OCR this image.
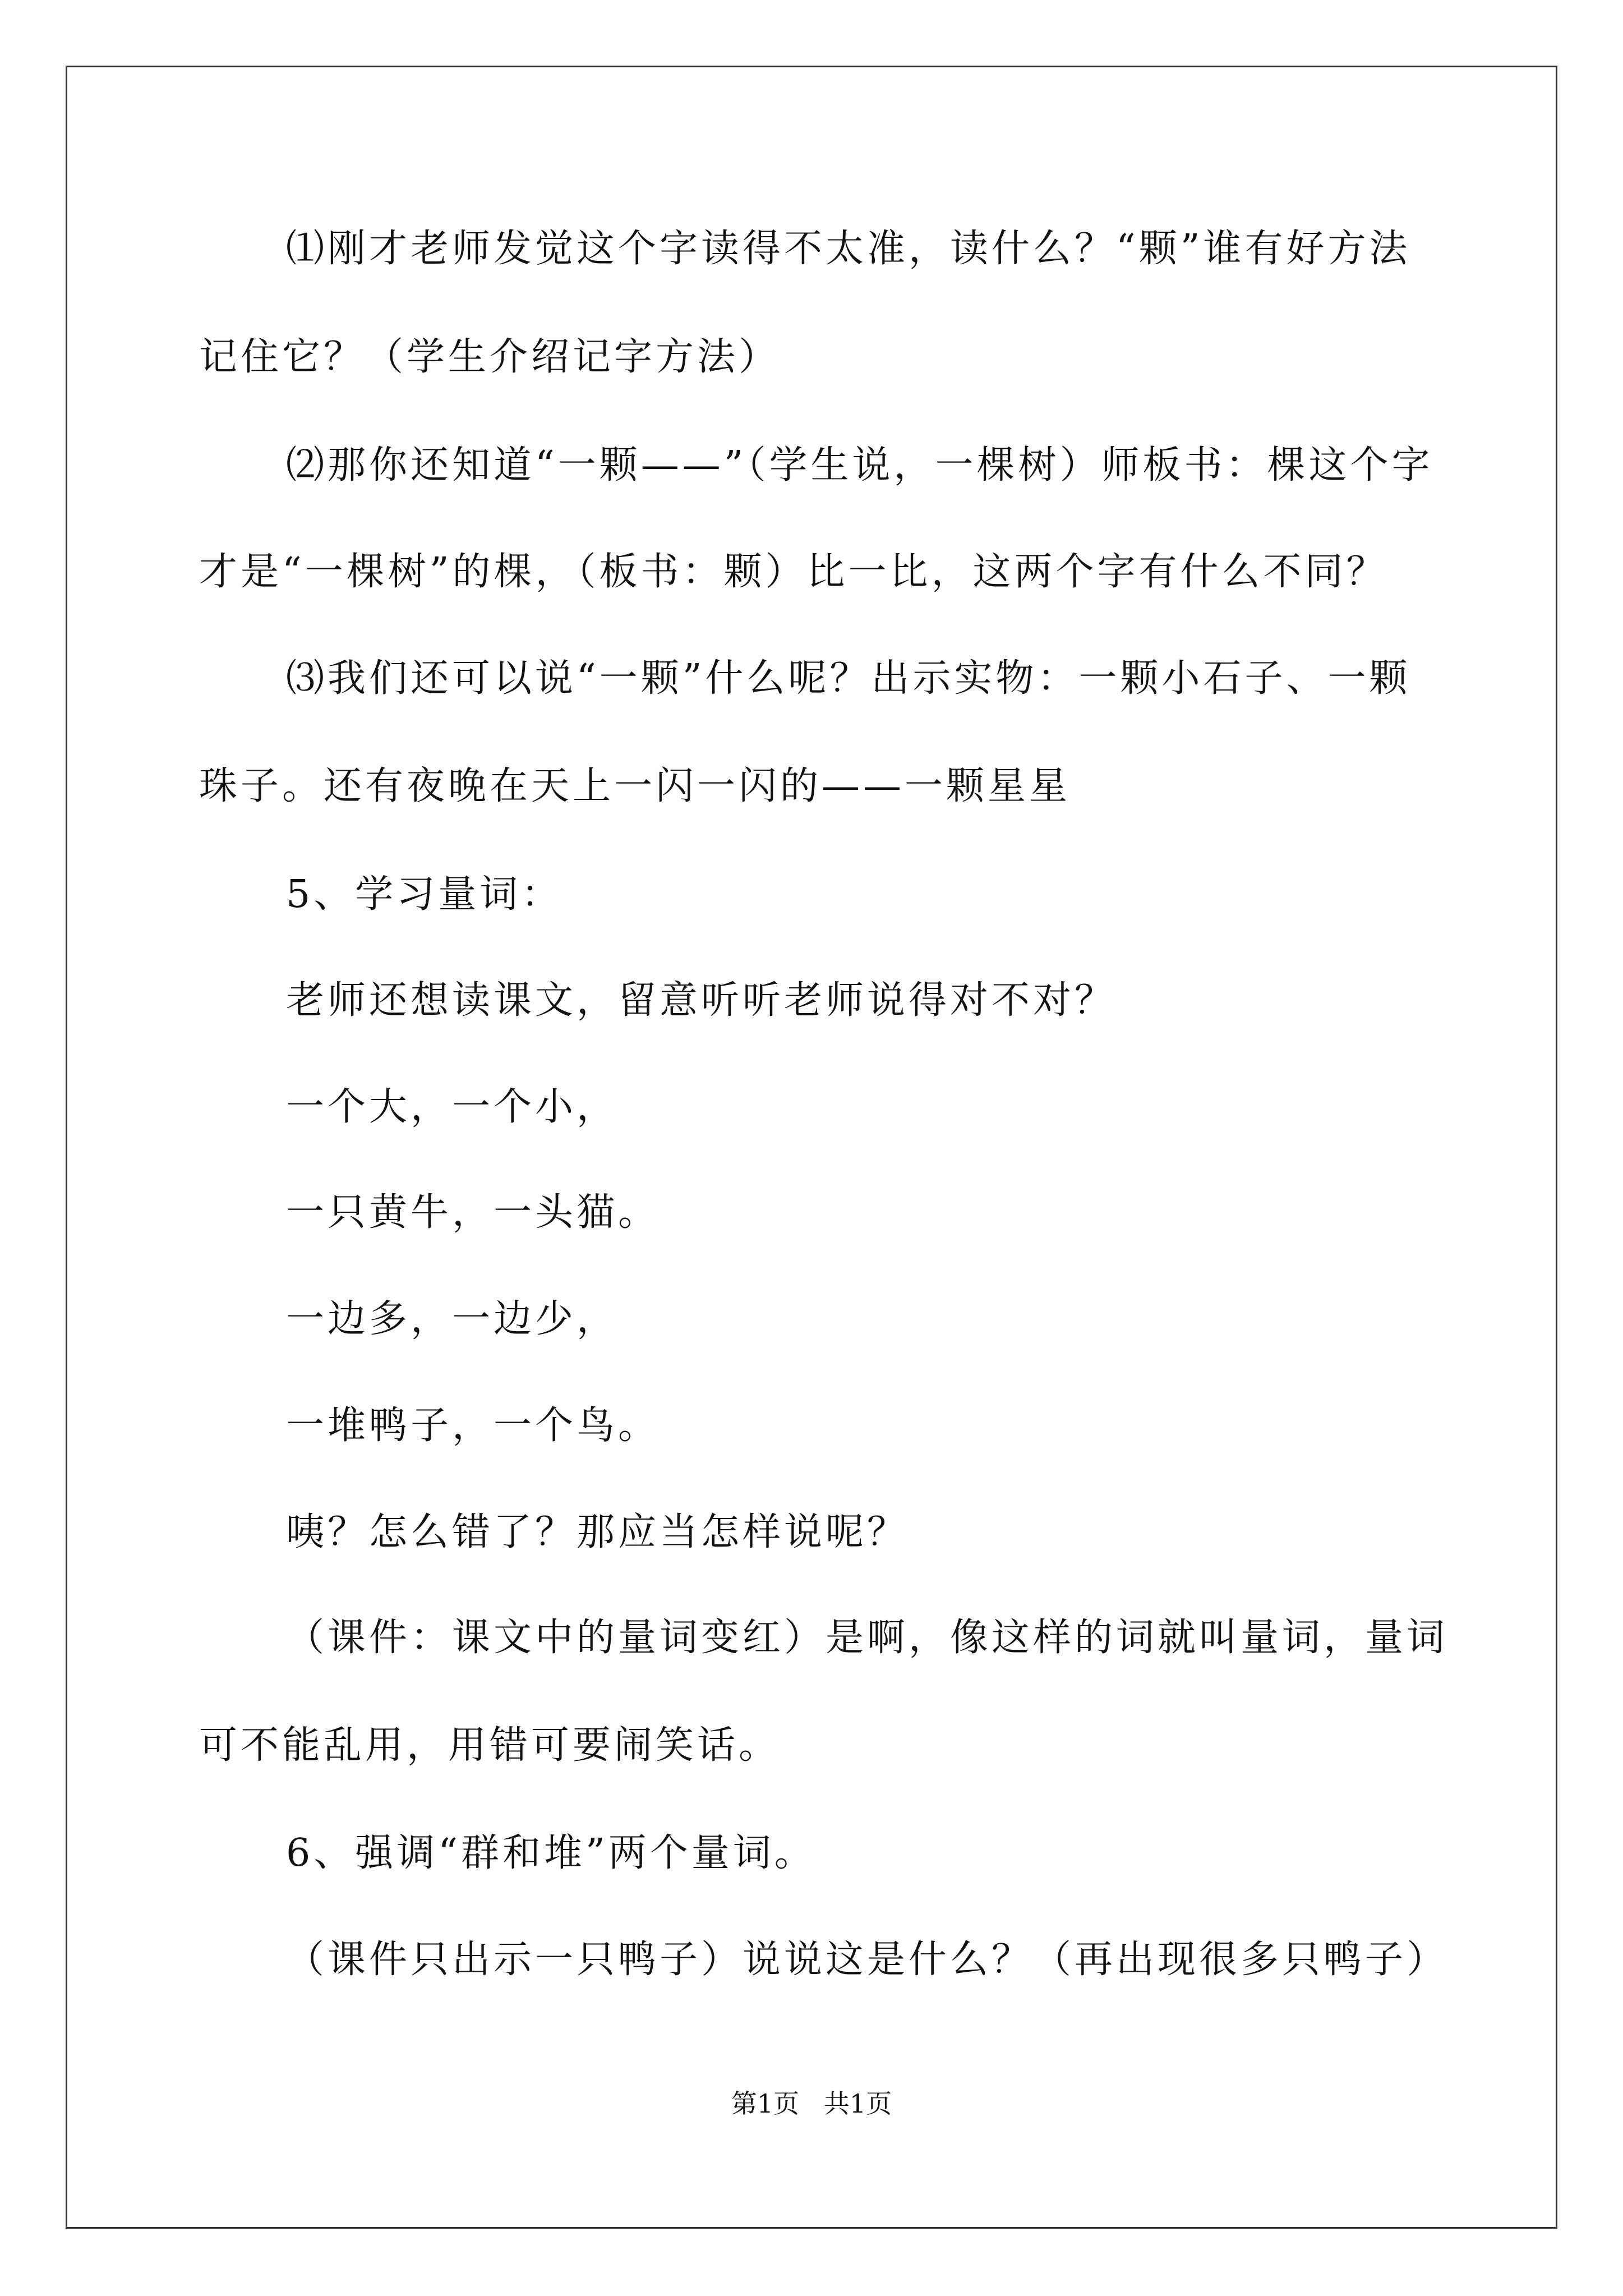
⑴刚才老师发觉这个字读得不太准，读什么？“颗”谁有好方法
记住它？（学生介绍记字方法）
⑵那你还知道“一颗——”（学生说，一棵树）师板书：棵这个字
才是“一棵树”的棵，（板书：颗）比一比，这两个字有什么不同？
⑶我们还可以说“一颗”什么呢？出示实物：一颗小石子、一颗
珠子。还有夜晚在天上一闪一闪的——一颗星星
5、学习量词：
老师还想读课文，留意听听老师说得对不对？
一个大，一个小，
一只黄牛，一头猫。
一边多，一边少，
一堆鸭子，一个鸟。
咦？怎么错了？那应当怎样说呢？
（课件：课文中的量词变红）是啊，像这样的词就叫量词，量词
可不能乱用，用错可要闹笑话。
6、强调“群和堆”两个量词。
（课件只出示一只鸭子）说说这是什么？（再出现很多只鸭子）
第1页   共1页
